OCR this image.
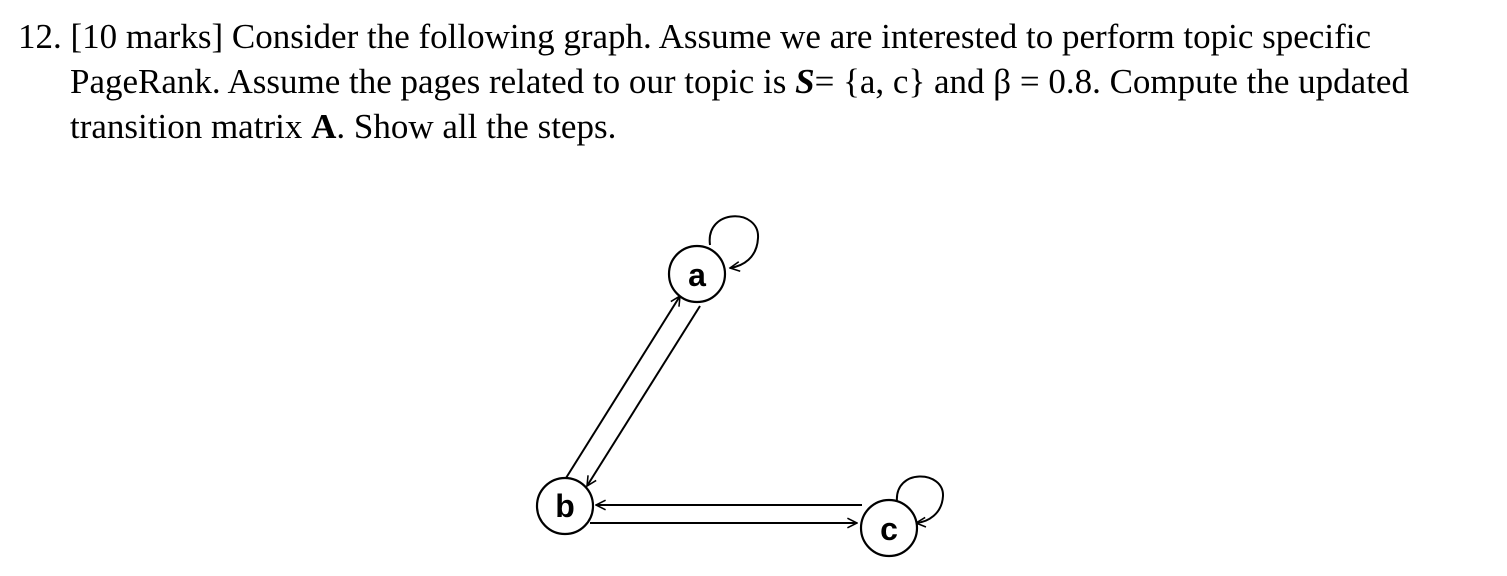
12. [10 marks] Consider the following graph. Assume we are interested to perform topic specific
PageRank. Assume the pages related to our topic is S= {a, c} and β = 0.8. Compute the updated
transition matrix A. Show all the steps.
a
b
c
